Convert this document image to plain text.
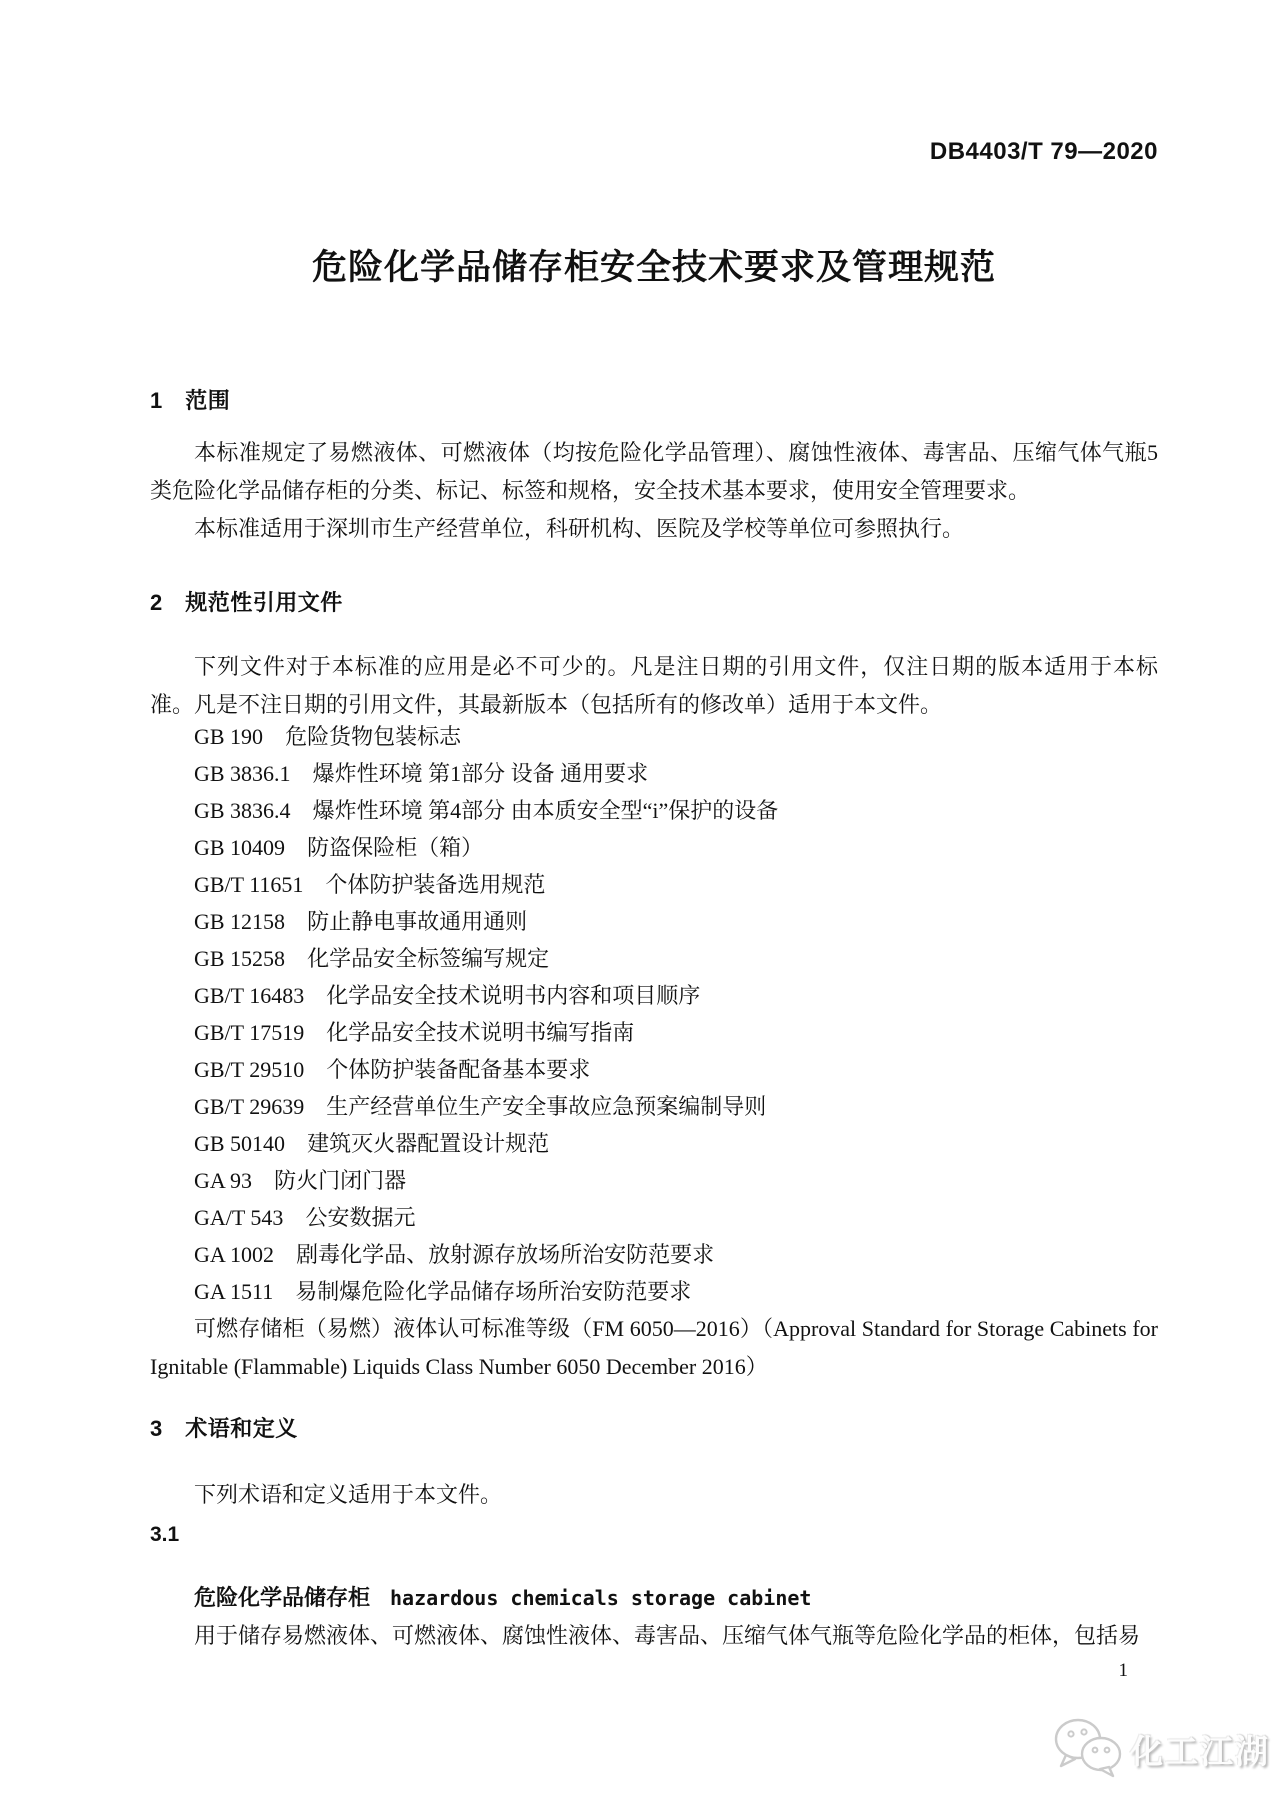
DB4403/T 79—2020
危险化学品储存柜安全技术要求及管理规范
1　范围

本标准规定了易燃液体、可燃液体（均按危险化学品管理）、腐蚀性液体、毒害品、压缩气体气瓶5类危险化学品储存柜的分类、标记、标签和规格，安全技术基本要求，使用安全管理要求。

本标准适用于深圳市生产经营单位，科研机构、医院及学校等单位可参照执行。

2　规范性引用文件

下列文件对于本标准的应用是必不可少的。凡是注日期的引用文件，仅注日期的版本适用于本标准。凡是不注日期的引用文件，其最新版本（包括所有的修改单）适用于本文件。

GB 190 危险货物包装标志
GB 3836.1 爆炸性环境 第1部分 设备 通用要求
GB 3836.4 爆炸性环境 第4部分 由本质安全型“i”保护的设备
GB 10409 防盗保险柜（箱）
GB/T 11651 个体防护装备选用规范
GB 12158 防止静电事故通用通则
GB 15258 化学品安全标签编写规定
GB/T 16483 化学品安全技术说明书内容和项目顺序
GB/T 17519 化学品安全技术说明书编写指南
GB/T 29510 个体防护装备配备基本要求
GB/T 29639 生产经营单位生产安全事故应急预案编制导则
GB 50140 建筑灭火器配置设计规范
GA 93 防火门闭门器
GA/T 543 公安数据元
GA 1002 剧毒化学品、放射源存放场所治安防范要求
GA 1511 易制爆危险化学品储存场所治安防范要求

可燃存储柜（易燃）液体认可标准等级（FM 6050—2016）（Approval Standard for Storage Cabinets for Ignitable (Flammable) Liquids Class Number 6050 December 2016）

3　术语和定义

下列术语和定义适用于本文件。

3.1
危险化学品储存柜 hazardous chemicals storage cabinet

用于储存易燃液体、可燃液体、腐蚀性液体、毒害品、压缩气体气瓶等危险化学品的柜体，包括易

1
化工江湖
